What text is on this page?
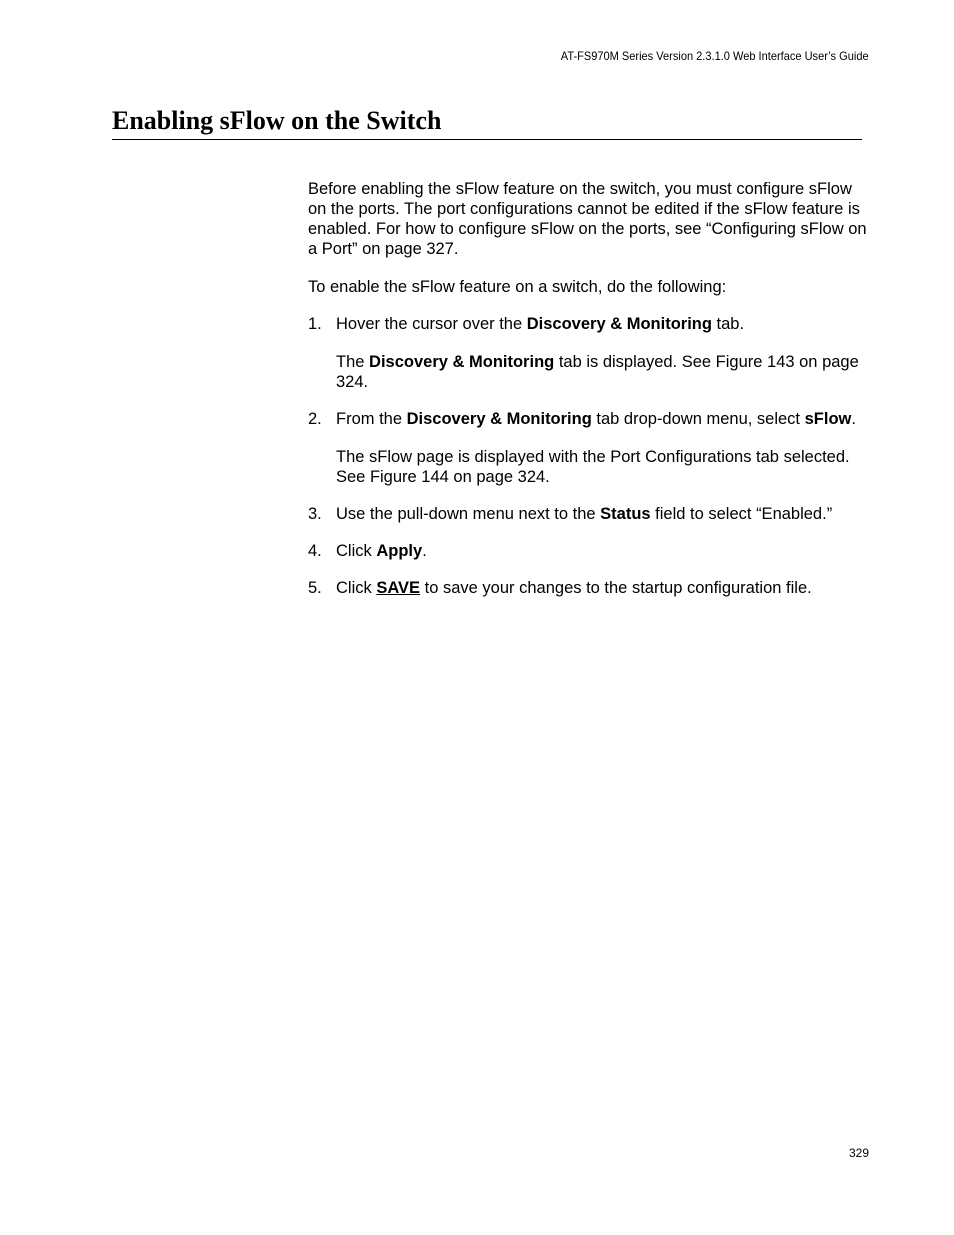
AT-FS970M Series Version 2.3.1.0 Web Interface User’s Guide
Enabling sFlow on the Switch

Before enabling the sFlow feature on the switch, you must configure sFlow on the ports. The port configurations cannot be edited if the sFlow feature is enabled. For how to configure sFlow on the ports, see “Configuring sFlow on a Port” on page 327.

To enable the sFlow feature on a switch, do the following:

1. Hover the cursor over the Discovery & Monitoring tab.

The Discovery & Monitoring tab is displayed. See Figure 143 on page 324.

2. From the Discovery & Monitoring tab drop-down menu, select sFlow.

The sFlow page is displayed with the Port Configurations tab selected. See Figure 144 on page 324.

3. Use the pull-down menu next to the Status field to select “Enabled.”

4. Click Apply.

5. Click SAVE to save your changes to the startup configuration file.

329
